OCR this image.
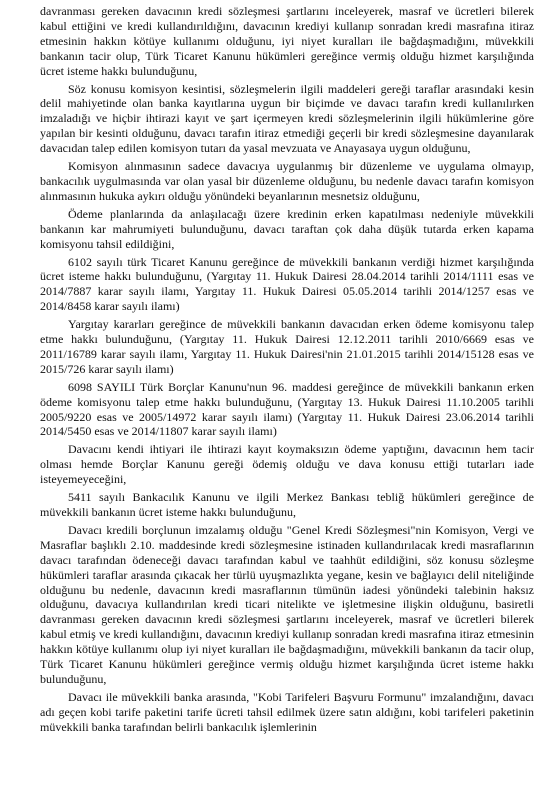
davranması gereken davacının kredi sözleşmesi şartlarını inceleyerek, masraf ve ücretleri bilerek kabul ettiğini ve kredi kullandırıldığını, davacının krediyi kullanıp sonradan kredi masrafına itiraz etmesinin hakkın kötüye kullanımı olduğunu, iyi niyet kuralları ile bağdaşmadığını, müvekkili bankanın tacir olup, Türk Ticaret Kanunu hükümleri gereğince vermiş olduğu hizmet karşılığında ücret isteme hakkı bulunduğunu,

Söz konusu komisyon kesintisi, sözleşmelerin ilgili maddeleri gereği taraflar arasındaki kesin delil mahiyetinde olan banka kayıtlarına uygun bir biçimde ve davacı tarafın kredi kullanılırken imzaladığı ve hiçbir ihtirazi kayıt ve şart içermeyen kredi sözleşmelerinin ilgili hükümlerine göre yapılan bir kesinti olduğunu, davacı tarafın itiraz etmediği geçerli bir kredi sözleşmesine dayanılarak davacıdan talep edilen komisyon tutarı da yasal mevzuata ve Anayasaya uygun olduğunu,

Komisyon alınmasının sadece davacıya uygulanmış bir düzenleme ve uygulama olmayıp, bankacılık uygulmasında var olan yasal bir düzenleme olduğunu, bu nedenle davacı tarafın komisyon alınmasının hukuka aykırı olduğu yönündeki beyanlarının mesnetsiz olduğunu,

Ödeme planlarında da anlaşılacağı üzere kredinin erken kapatılması nedeniyle müvekkili bankanın kar mahrumiyeti bulunduğunu, davacı taraftan çok daha düşük tutarda erken kapama komisyonu tahsil edildiğini,

6102 sayılı türk Ticaret Kanunu gereğince de müvekkili bankanın verdiği hizmet karşılığında ücret isteme hakkı bulunduğunu, (Yargıtay 11. Hukuk Dairesi 28.04.2014 tarihli 2014/1111 esas ve 2014/7887 karar sayılı ilamı, Yargıtay 11. Hukuk Dairesi 05.05.2014 tarihli 2014/1257 esas ve 2014/8458 karar sayılı ilamı)

Yargıtay kararları gereğince de müvekkili bankanın davacıdan erken ödeme komisyonu talep etme hakkı bulunduğunu, (Yargıtay 11. Hukuk Dairesi 12.12.2011 tarihli 2010/6669 esas ve 2011/16789 karar sayılı ilamı, Yargıtay 11. Hukuk Dairesi'nin 21.01.2015 tarihli 2014/15128 esas ve 2015/726 karar sayılı ilamı)

6098 SAYILI Türk Borçlar Kanunu'nun 96. maddesi gereğince de müvekkili bankanın erken ödeme komisyonu talep etme hakkı bulunduğunu, (Yargıtay 13. Hukuk Dairesi 11.10.2005 tarihli 2005/9220 esas ve 2005/14972 karar sayılı ilamı) (Yargıtay 11. Hukuk Dairesi 23.06.2014 tarihli 2014/5450 esas ve 2014/11807 karar sayılı ilamı)

Davacını kendi ihtiyari ile ihtirazi kayıt koymaksızın ödeme yaptığını, davacının hem tacir olması hemde Borçlar Kanunu gereği ödemiş olduğu ve dava konusu ettiği tutarları iade isteyemeyeceğini,

5411 sayılı Bankacılık Kanunu ve ilgili Merkez Bankası tebliğ hükümleri gereğince de müvekkili bankanın ücret isteme hakkı bulunduğunu,

Davacı kredili borçlunun imzalamış olduğu "Genel Kredi Sözleşmesi"nin Komisyon, Vergi ve Masraflar başlıklı 2.10. maddesinde kredi sözleşmesine istinaden kullandırılacak kredi masraflarının davacı tarafından ödeneceği davacı tarafından kabul ve taahhüt edildiğini, söz konusu sözleşme hükümleri taraflar arasında çıkacak her türlü uyuşmazlıkta yegane, kesin ve bağlayıcı delil niteliğinde olduğunu bu nedenle, davacının kredi masraflarının tümünün iadesi yönündeki talebinin haksız olduğunu, davacıya kullandırılan kredi ticari nitelikte ve işletmesine ilişkin olduğunu, basiretli davranması gereken davacının kredi sözleşmesi şartlarını inceleyerek, masraf ve ücretleri bilerek kabul etmiş ve kredi kullandığını, davacının krediyi kullanıp sonradan kredi masrafına itiraz etmesinin hakkın kötüye kullanımı olup iyi niyet kuralları ile bağdaşmadığını, müvekkili bankanın da tacir olup, Türk Ticaret Kanunu hükümleri gereğince vermiş olduğu hizmet karşılığında ücret isteme hakkı bulunduğunu,

Davacı ile müvekkili banka arasında, "Kobi Tarifeleri Başvuru Formunu" imzalandığını, davacı adı geçen kobi tarife paketini tarife ücreti tahsil edilmek üzere satın aldığını, kobi tarifeleri paketinin müvekkili banka tarafından belirli bankacılık işlemlerinin
